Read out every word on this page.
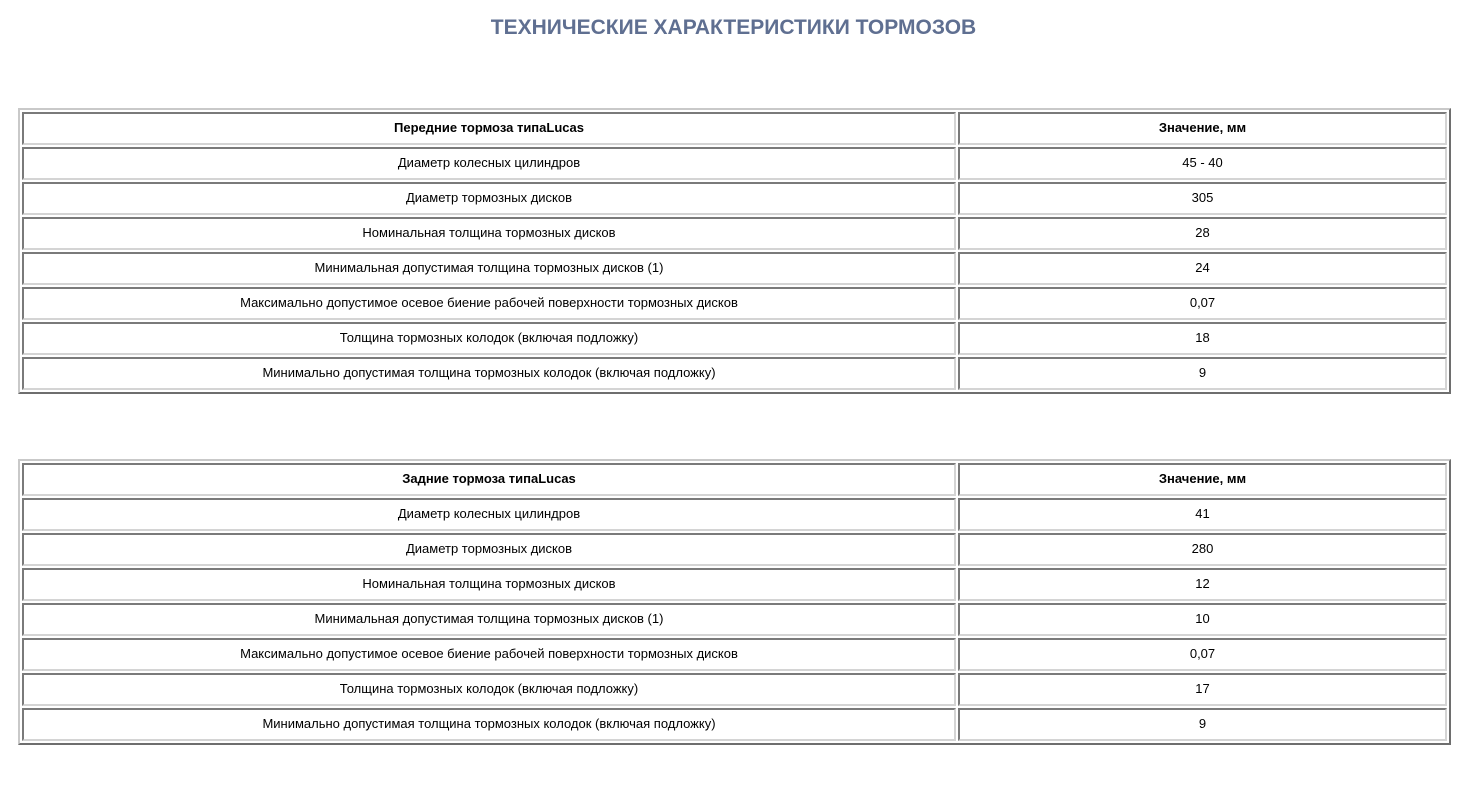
ТЕХНИЧЕСКИЕ ХАРАКТЕРИСТИКИ ТОРМОЗОВ
Передние тормоза типаLucas	Значение, мм
Диаметр колесных цилиндров	45 - 40
Диаметр тормозных дисков	305
Номинальная толщина тормозных дисков	28
Минимальная допустимая толщина тормозных дисков (1)	24
Максимально допустимое осевое биение рабочей поверхности тормозных дисков	0,07
Толщина тормозных колодок (включая подложку)	18
Минимально допустимая толщина тормозных колодок (включая подложку)	9
Задние тормоза типаLucas	Значение, мм
Диаметр колесных цилиндров	41
Диаметр тормозных дисков	280
Номинальная толщина тормозных дисков	12
Минимальная допустимая толщина тормозных дисков (1)	10
Максимально допустимое осевое биение рабочей поверхности тормозных дисков	0,07
Толщина тормозных колодок (включая подложку)	17
Минимально допустимая толщина тормозных колодок (включая подложку)	9
